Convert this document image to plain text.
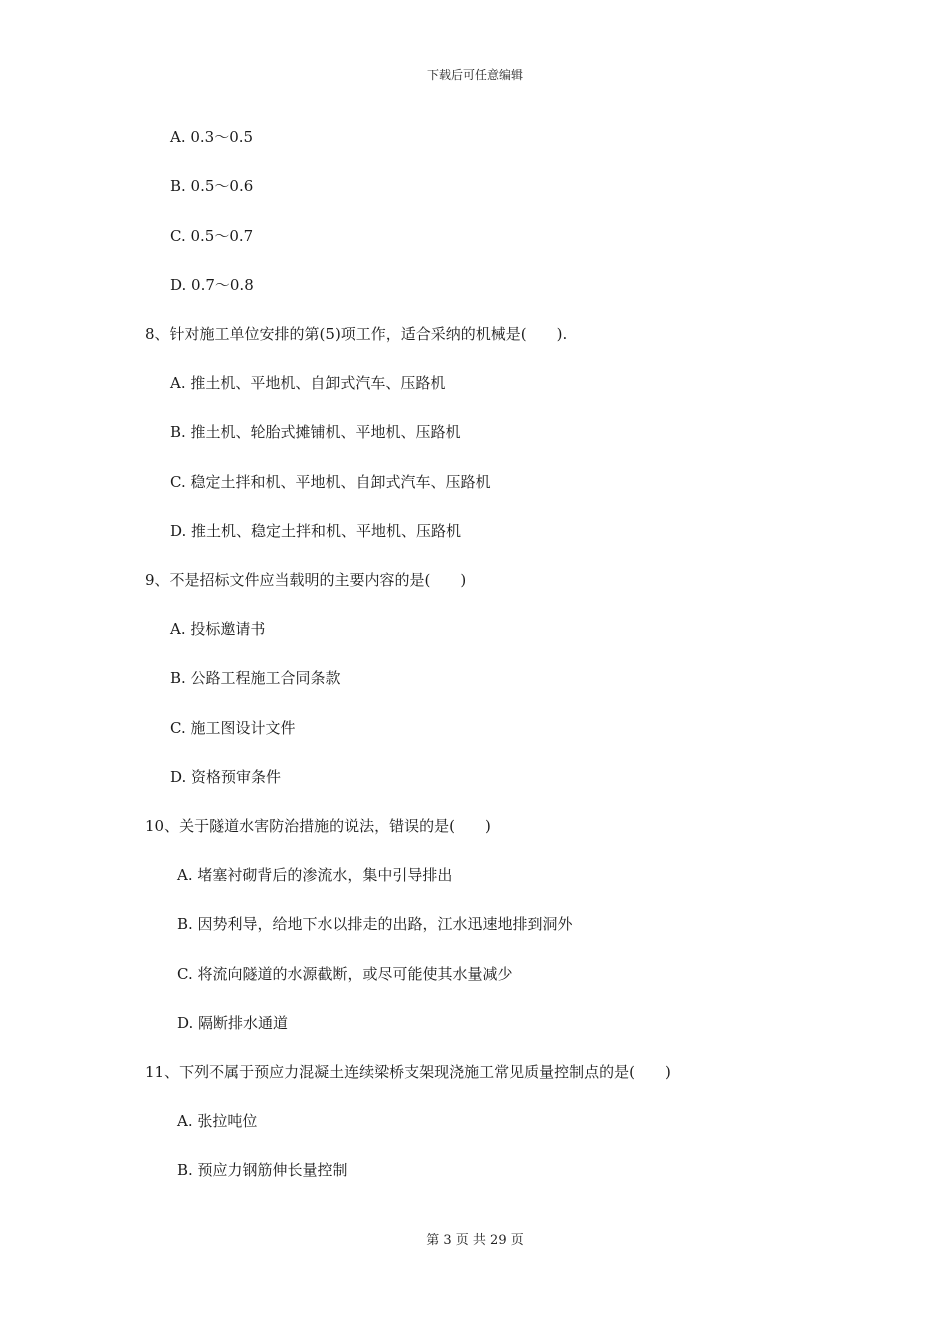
下载后可任意编辑
A. 0.3～0.5
B. 0.5～0.6
C. 0.5～0.7
D. 0.7～0.8
8、针对施工单位安排的第(5)项工作，适合采纳的机械是(　　).
A. 推土机、平地机、自卸式汽车、压路机
B. 推土机、轮胎式摊铺机、平地机、压路机
C. 稳定土拌和机、平地机、自卸式汽车、压路机
D. 推土机、稳定土拌和机、平地机、压路机
9、不是招标文件应当载明的主要内容的是(　　)
A. 投标邀请书
B. 公路工程施工合同条款
C. 施工图设计文件
D. 资格预审条件
10、关于隧道水害防治措施的说法，错误的是(　　)
A. 堵塞衬砌背后的渗流水，集中引导排出
B. 因势利导，给地下水以排走的出路，江水迅速地排到洞外
C. 将流向隧道的水源截断，或尽可能使其水量减少
D. 隔断排水通道
11、下列不属于预应力混凝土连续梁桥支架现浇施工常见质量控制点的是(　　)
A. 张拉吨位
B. 预应力钢筋伸长量控制
第 3 页 共 29 页
